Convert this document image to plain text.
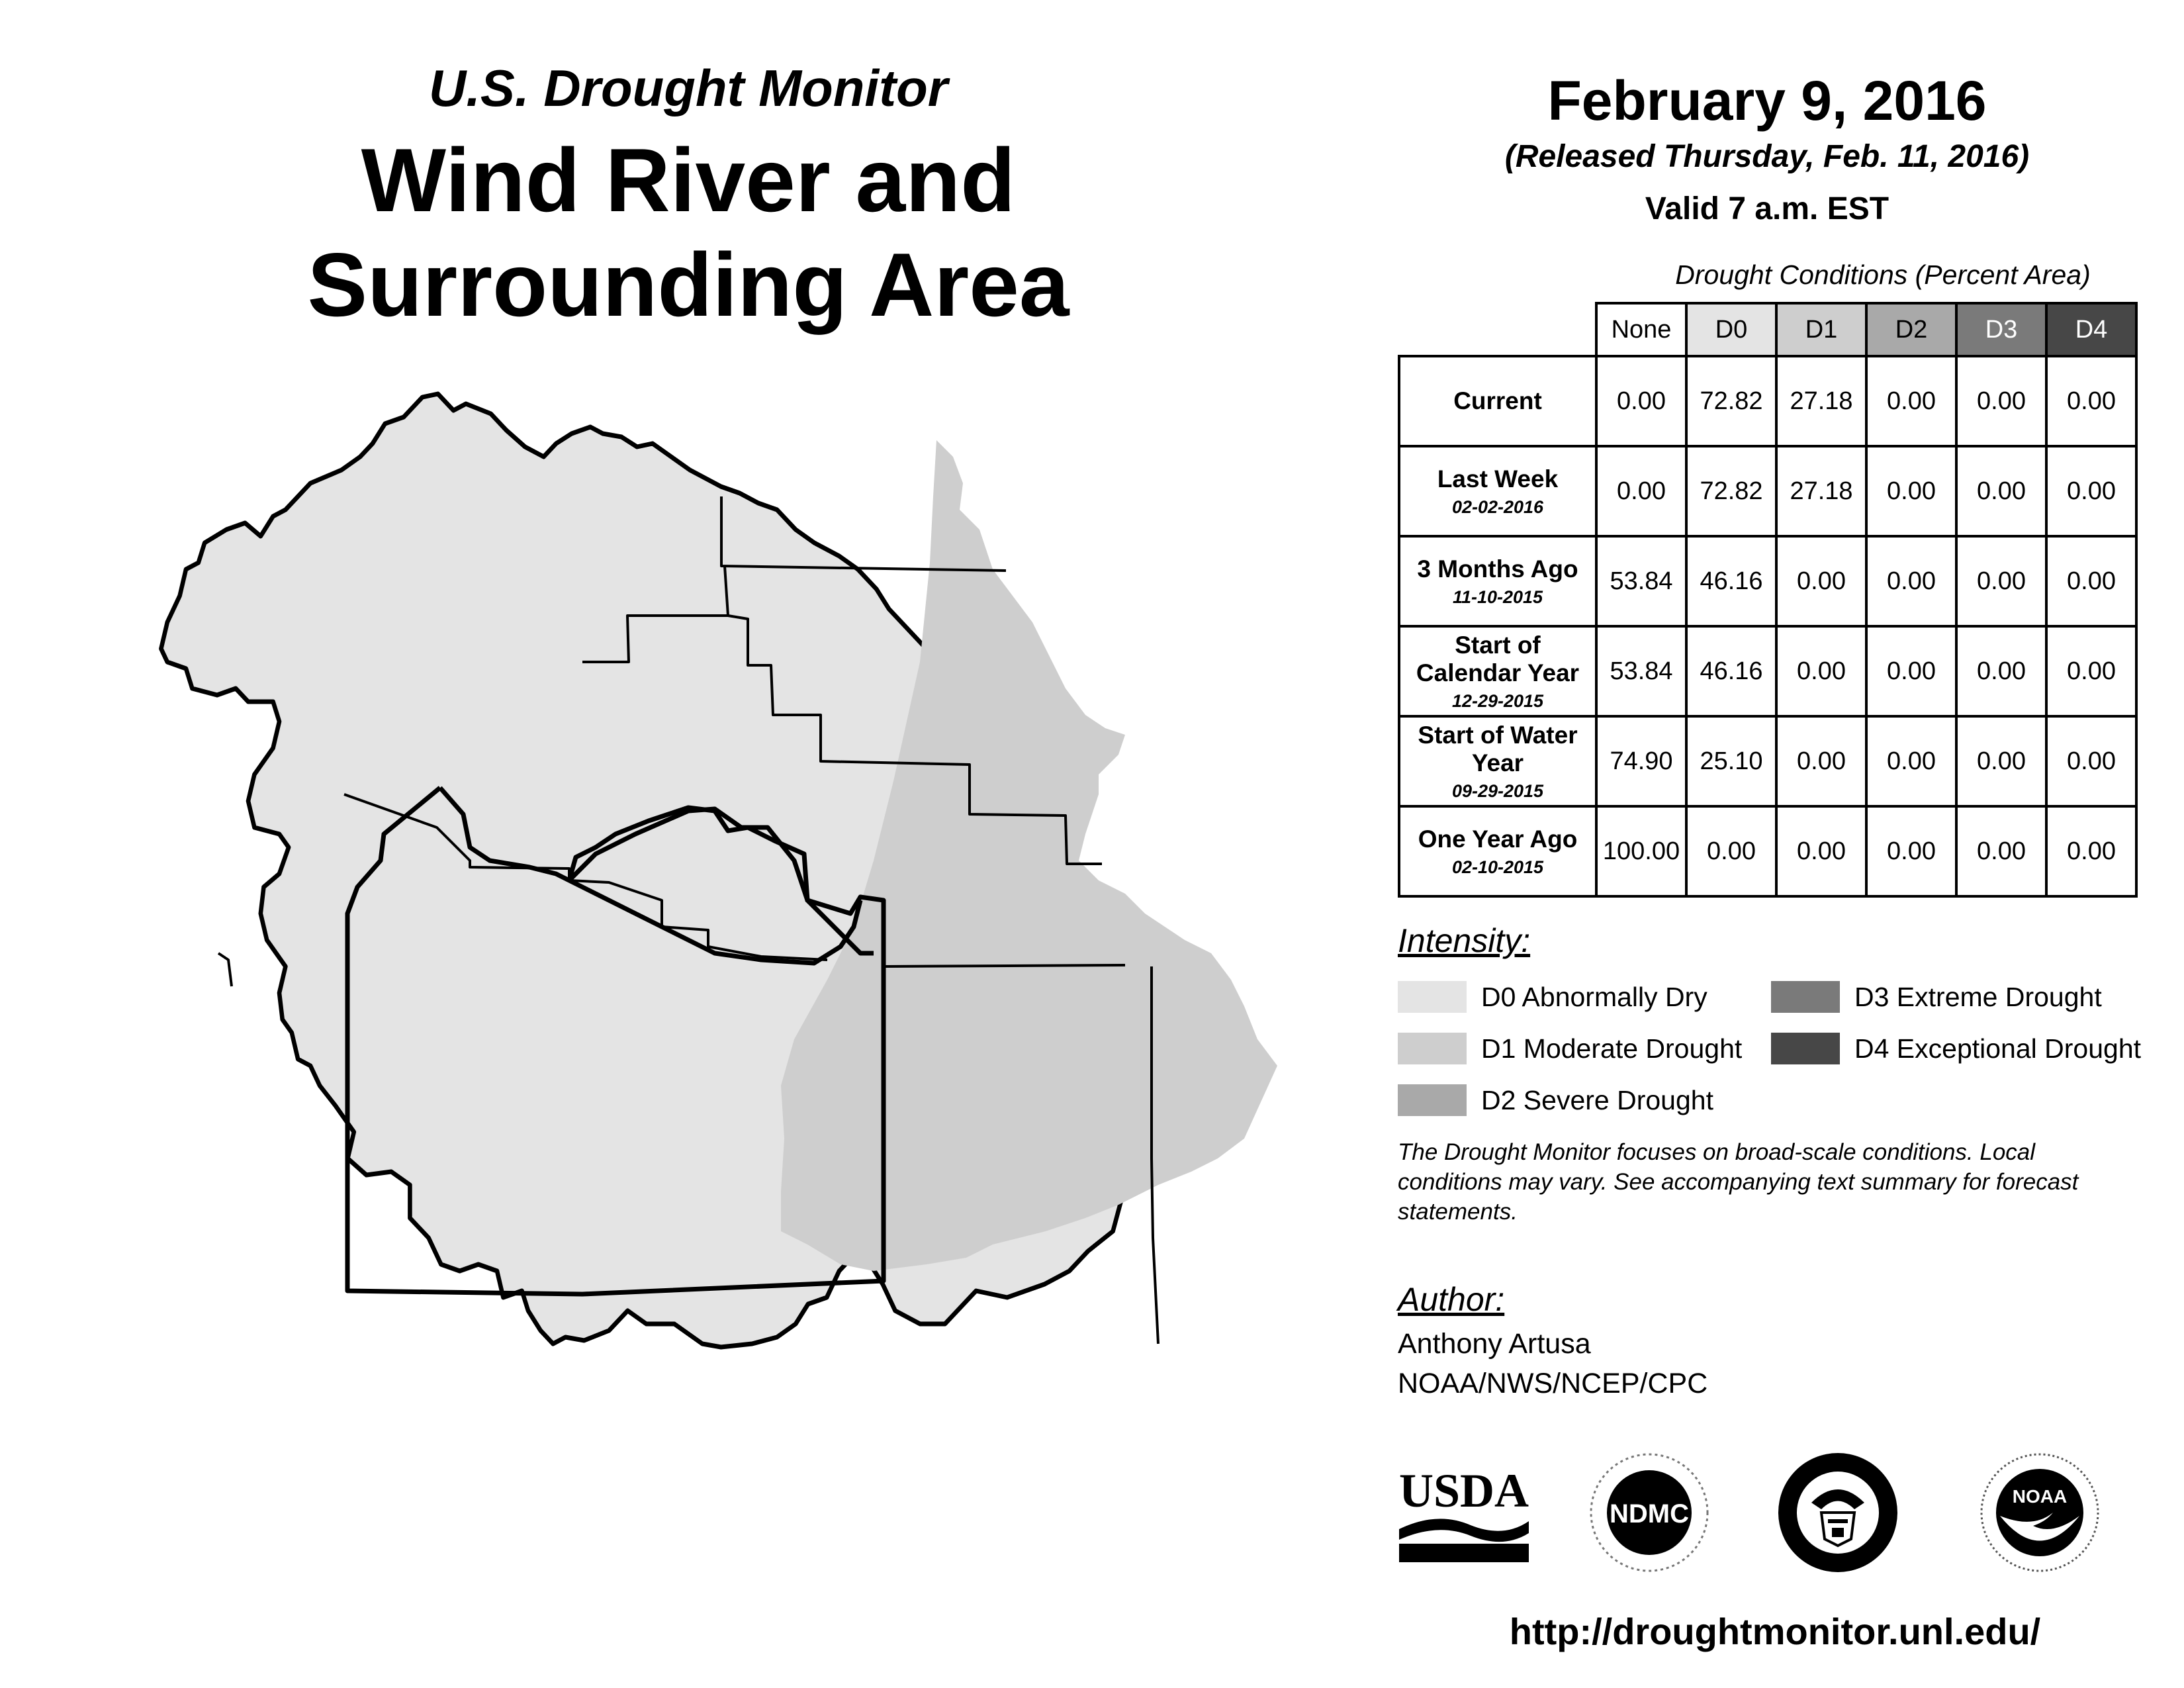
U.S. Drought Monitor
Wind River and
Surrounding Area
February 9, 2016
(Released Thursday, Feb. 11, 2016)
Valid 7 a.m. EST
Drought Conditions (Percent Area)
	None	D0	D1	D2	D3	D4

Current	0.00	72.82	27.18	0.00	0.00	0.00

Last Week
02-02-2016	0.00	72.82	27.18	0.00	0.00	0.00

3 Months Ago
11-10-2015	53.84	46.16	0.00	0.00	0.00	0.00

Start of Calendar Year
12-29-2015	53.84	46.16	0.00	0.00	0.00	0.00

Start of Water Year
09-29-2015	74.90	25.10	0.00	0.00	0.00	0.00

One Year Ago
02-10-2015	100.00	0.00	0.00	0.00	0.00	0.00
Intensity:
D0 Abnormally Dry
D1 Moderate Drought
D2 Severe Drought
D3 Extreme Drought
D4 Exceptional Drought
The Drought Monitor focuses on broad-scale conditions. Local conditions may vary. See accompanying text summary for forecast statements.
Author:
Anthony Artusa
NOAA/NWS/NCEP/CPC
USDA	NDMC
NOAA
http://droughtmonitor.unl.edu/
